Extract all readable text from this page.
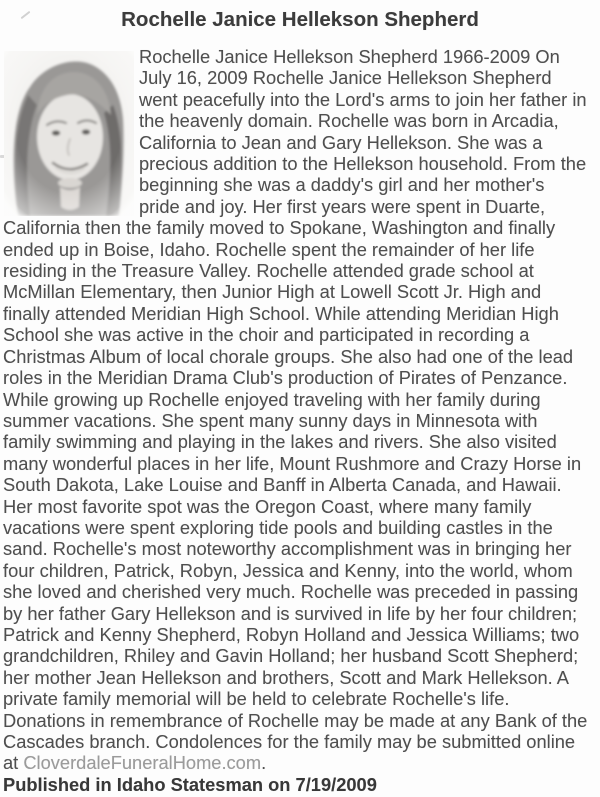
Rochelle Janice Hellekson Shepherd
Rochelle Janice Hellekson Shepherd 1966-2009 On
July 16, 2009 Rochelle Janice Hellekson Shepherd
went peacefully into the Lord's arms to join her father in
the heavenly domain. Rochelle was born in Arcadia,
California to Jean and Gary Hellekson. She was a
precious addition to the Hellekson household. From the
beginning she was a daddy's girl and her mother's
pride and joy. Her first years were spent in Duarte,
California then the family moved to Spokane, Washington and finally
ended up in Boise, Idaho. Rochelle spent the remainder of her life
residing in the Treasure Valley. Rochelle attended grade school at
McMillan Elementary, then Junior High at Lowell Scott Jr. High and
finally attended Meridian High School. While attending Meridian High
School she was active in the choir and participated in recording a
Christmas Album of local chorale groups. She also had one of the lead
roles in the Meridian Drama Club's production of Pirates of Penzance.
While growing up Rochelle enjoyed traveling with her family during
summer vacations. She spent many sunny days in Minnesota with
family swimming and playing in the lakes and rivers. She also visited
many wonderful places in her life, Mount Rushmore and Crazy Horse in
South Dakota, Lake Louise and Banff in Alberta Canada, and Hawaii.
Her most favorite spot was the Oregon Coast, where many family
vacations were spent exploring tide pools and building castles in the
sand. Rochelle's most noteworthy accomplishment was in bringing her
four children, Patrick, Robyn, Jessica and Kenny, into the world, whom
she loved and cherished very much. Rochelle was preceded in passing
by her father Gary Hellekson and is survived in life by her four children;
Patrick and Kenny Shepherd, Robyn Holland and Jessica Williams; two
grandchildren, Rhiley and Gavin Holland; her husband Scott Shepherd;
her mother Jean Hellekson and brothers, Scott and Mark Hellekson. A
private family memorial will be held to celebrate Rochelle's life.
Donations in remembrance of Rochelle may be made at any Bank of the
Cascades branch. Condolences for the family may be submitted online
at CloverdaleFuneralHome.com.
Published in Idaho Statesman on 7/19/2009
